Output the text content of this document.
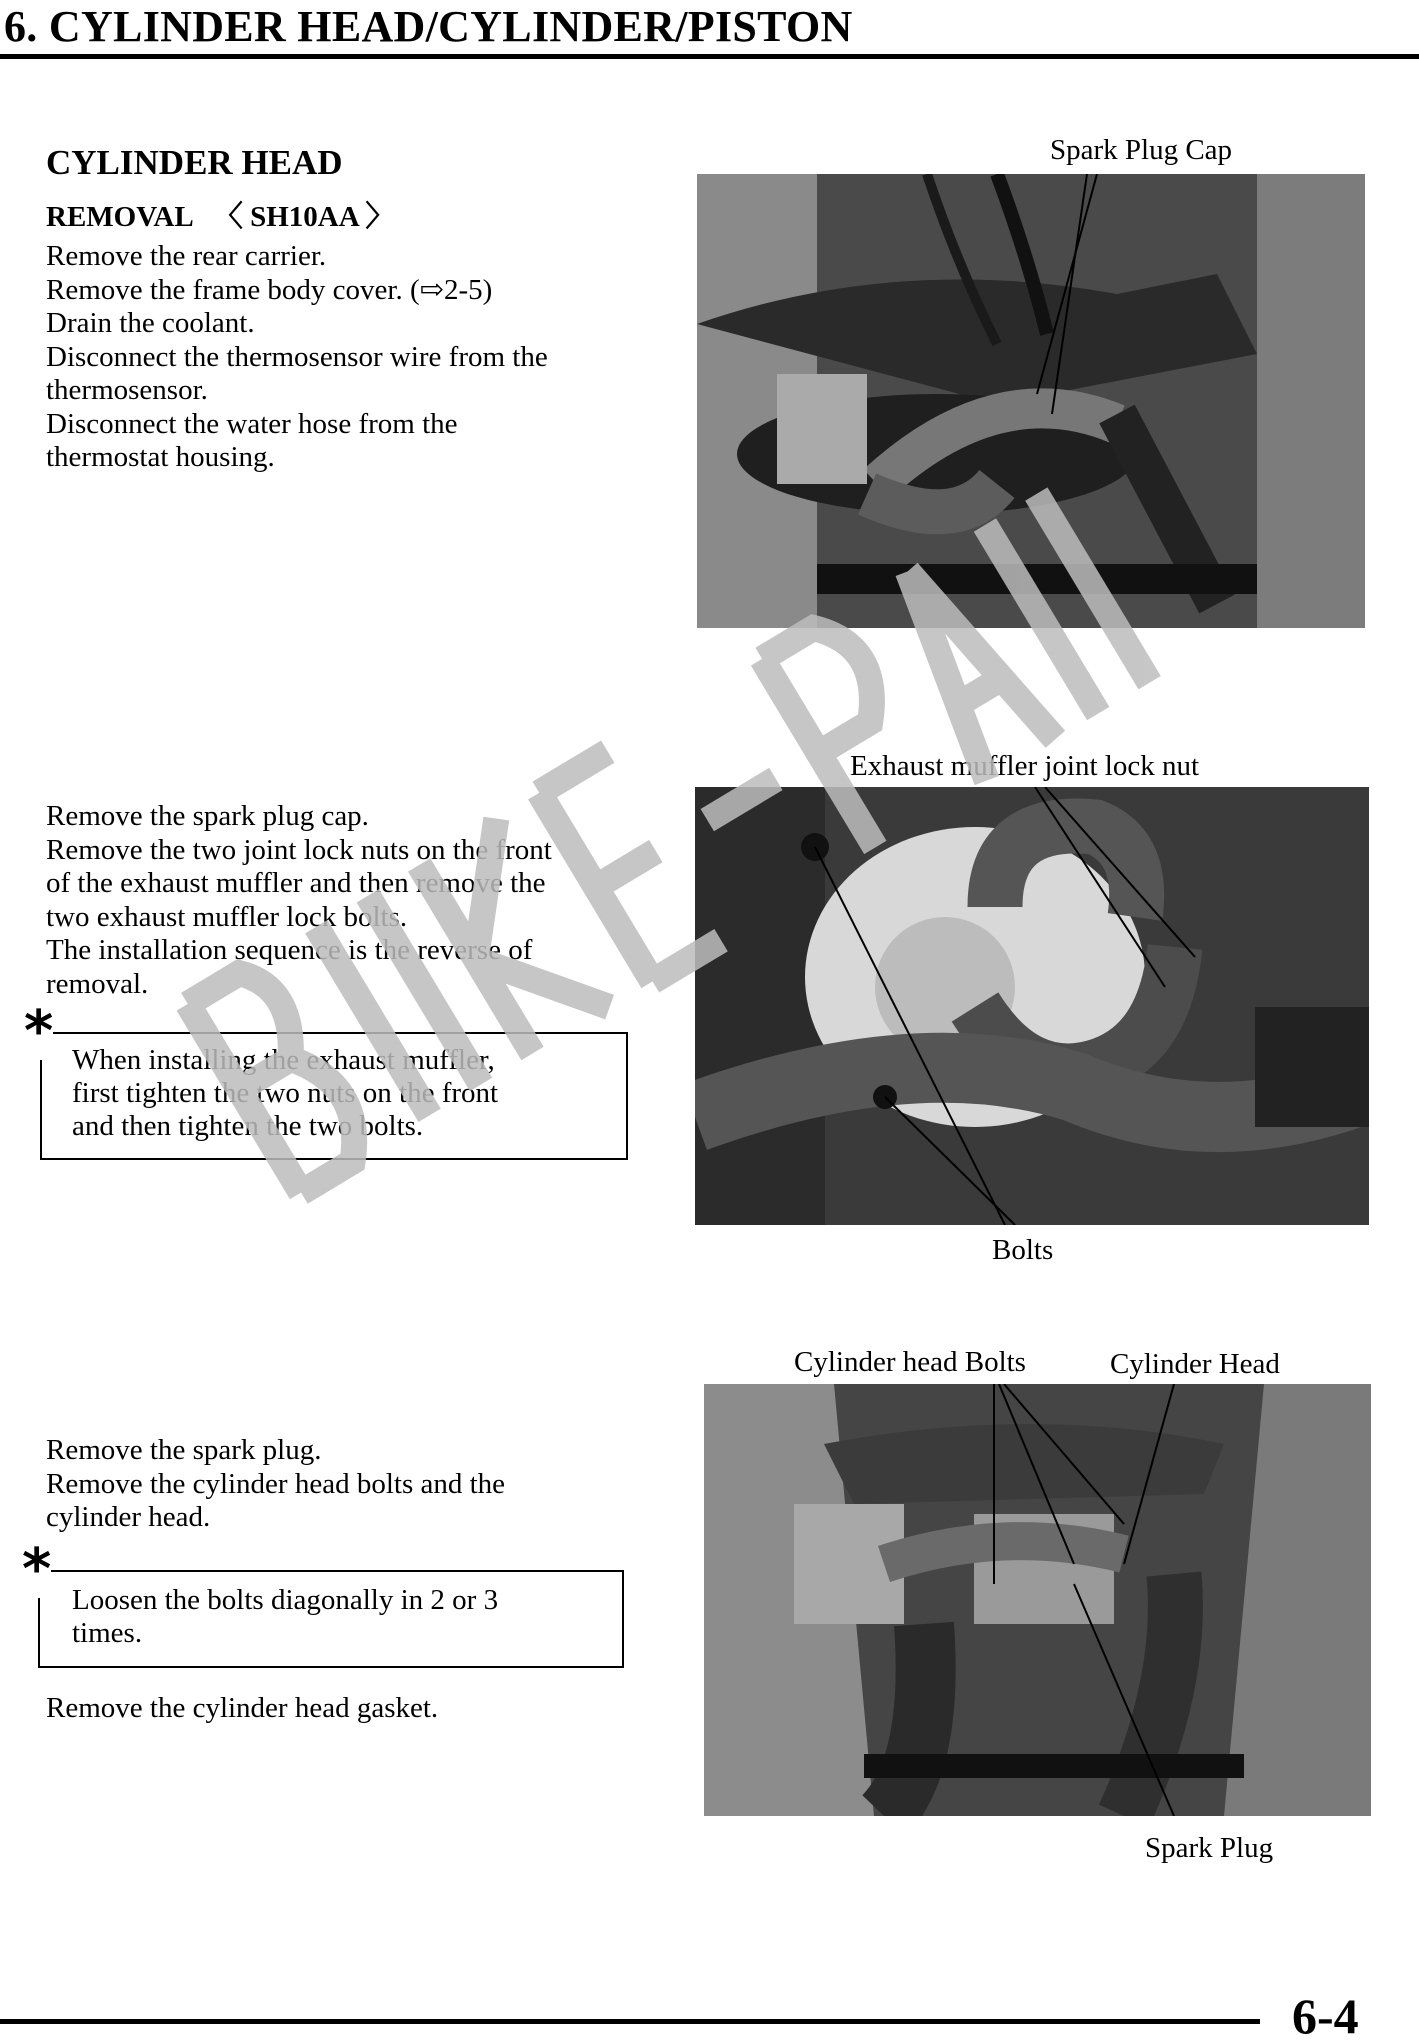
6. CYLINDER HEAD/CYLINDER/PISTON
CYLINDER HEAD
REMOVAL   〈 SH10AA 〉
Remove the rear carrier.
Remove the frame body cover. (⇨2-5)
Drain the coolant.
Disconnect the thermosensor wire from the
thermosensor.
Disconnect the water hose from the
thermostat housing.
Spark Plug Cap
Remove the spark plug cap.
Remove the two joint lock nuts on the front
of the exhaust muffler and then remove the
two exhaust muffler lock bolts.
The installation sequence is the reverse of
removal.
* When installing the exhaust muffler,
first tighten the two nuts on the front
and then tighten the two bolts.
Exhaust muffler joint lock nut
Bolts
Remove the spark plug.
Remove the cylinder head bolts and the
cylinder head.
* Loosen the bolts diagonally in 2 or 3
times.
Remove the cylinder head gasket.
Cylinder head Bolts	Cylinder Head
Spark Plug
6-4
